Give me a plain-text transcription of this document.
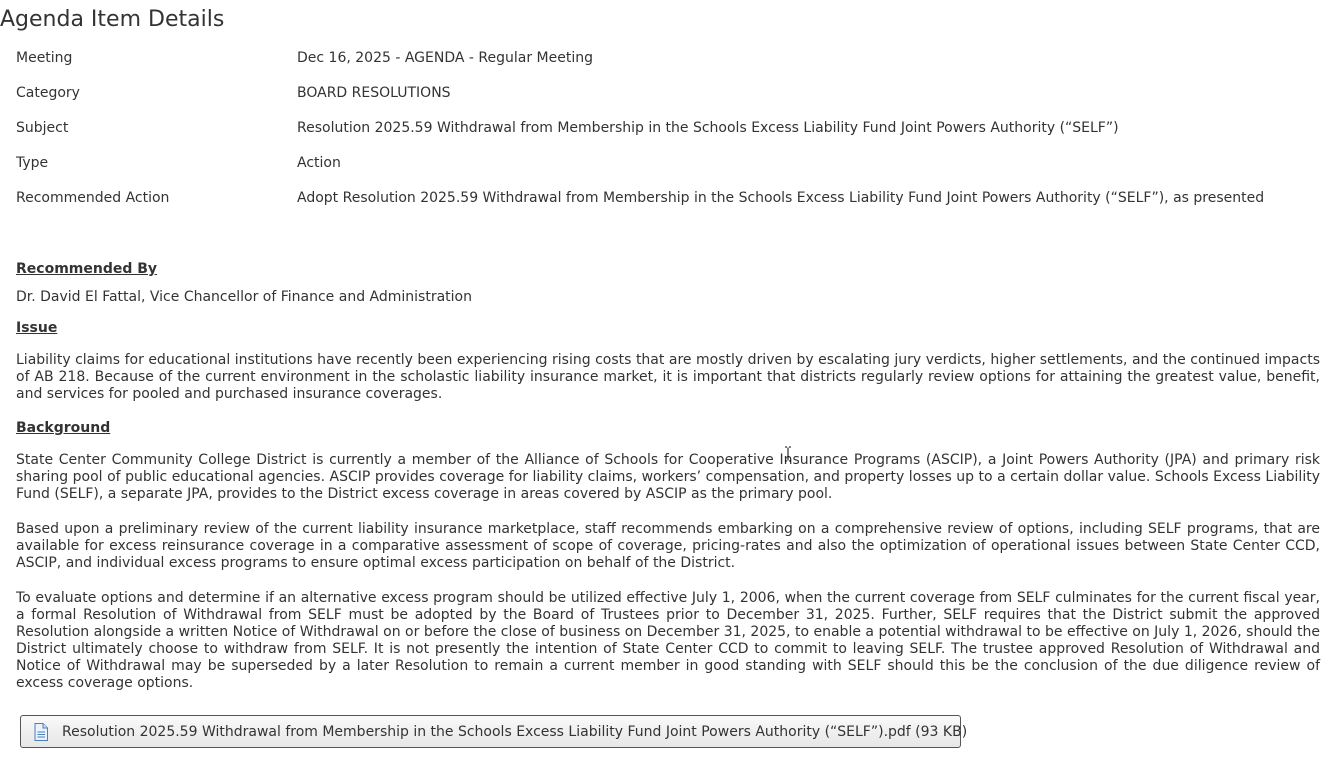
Agenda Item Details
Meeting	Dec 16, 2025 - AGENDA - Regular Meeting
Category	BOARD RESOLUTIONS
Subject	Resolution 2025.59 Withdrawal from Membership in the Schools Excess Liability Fund Joint Powers Authority (“SELF”)
Type	Action
Recommended Action	Adopt Resolution 2025.59 Withdrawal from Membership in the Schools Excess Liability Fund Joint Powers Authority (“SELF”), as presented
Recommended By

Dr. David El Fattal, Vice Chancellor of Finance and Administration

Issue

Liability claims for educational institutions have recently been experiencing rising costs that are mostly driven by escalating jury verdicts, higher settlements, and the continued impacts of AB 218. Because of the current environment in the scholastic liability insurance market, it is important that districts regularly review options for attaining the greatest value, benefit, and services for pooled and purchased insurance coverages.

Background

State Center Community College District is currently a member of the Alliance of Schools for Cooperative Insurance Programs (ASCIP), a Joint Powers Authority (JPA) and primary risk sharing pool of public educational agencies. ASCIP provides coverage for liability claims, workers’ compensation, and property losses up to a certain dollar value. Schools Excess Liability Fund (SELF), a separate JPA, provides to the District excess coverage in areas covered by ASCIP as the primary pool.

Based upon a preliminary review of the current liability insurance marketplace, staff recommends embarking on a comprehensive review of options, including SELF programs, that are available for excess reinsurance coverage in a comparative assessment of scope of coverage, pricing-rates and also the optimization of operational issues between State Center CCD, ASCIP, and individual excess programs to ensure optimal excess participation on behalf of the District.

To evaluate options and determine if an alternative excess program should be utilized effective July 1, 2006, when the current coverage from SELF culminates for the current fiscal year, a formal Resolution of Withdrawal from SELF must be adopted by the Board of Trustees prior to December 31, 2025. Further, SELF requires that the District submit the approved Resolution alongside a written Notice of Withdrawal on or before the close of business on December 31, 2025, to enable a potential withdrawal to be effective on July 1, 2026, should the District ultimately choose to withdraw from SELF. It is not presently the intention of State Center CCD to commit to leaving SELF. The trustee approved Resolution of Withdrawal and Notice of Withdrawal may be superseded by a later Resolution to remain a current member in good standing with SELF should this be the conclusion of the due diligence review of excess coverage options.

Resolution 2025.59 Withdrawal from Membership in the Schools Excess Liability Fund Joint Powers Authority (“SELF”).pdf (93 KB)
